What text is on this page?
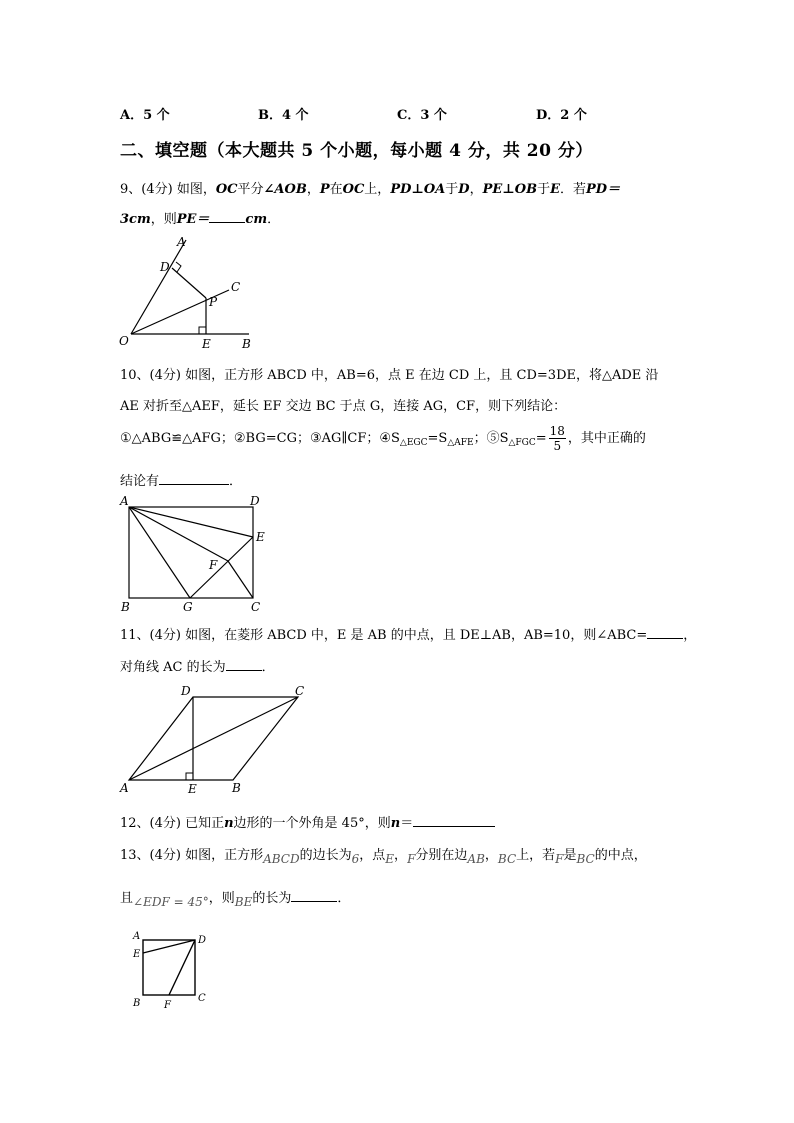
A．5 个	B．4 个	C．3 个	D．2 个
二、填空题（本大题共 5 个小题，每小题 4 分，共 20 分）
9、(4分) 如图，OC平分∠AOB，P在OC上，PD⊥OA于D，PE⊥OB于E．若PD＝
3cm，则PE＝	cm．
A
D
C
P
O	E	B
10、(4分) 如图，正方形 ABCD 中，AB=6，点 E 在边 CD 上，且 CD=3DE，将△ADE 沿
AE 对折至△AEF，延长 EF 交边 BC 于点 G，连接 AG，CF，则下列结论：
①△ABG≌△AFG；②BG=CG；③AG∥CF；$④S_{\triangle EGC}=S_{\triangle AFE}$；$⑤S_{\triangle FGC}= \frac{18}{5}$ ，其中正确的
结论有	．
A	D
E
F
B	G	C
11、(4分) 如图，在菱形 ABCD 中，E 是 AB 的中点，且 DE⊥AB，AB=10，则∠ABC=	，
对角线 AC 的长为	．
D	C
A	E	B
12、(4分) 已知正n边形的一个外角是 45°，则n＝
13、(4分) 如图，正方形ABCD的边长为6，点E，F分别在边AB，BC上，若F是BC的中点，
且∠EDF = 45°，则BE的长为	．
A	D
E
B F
C
